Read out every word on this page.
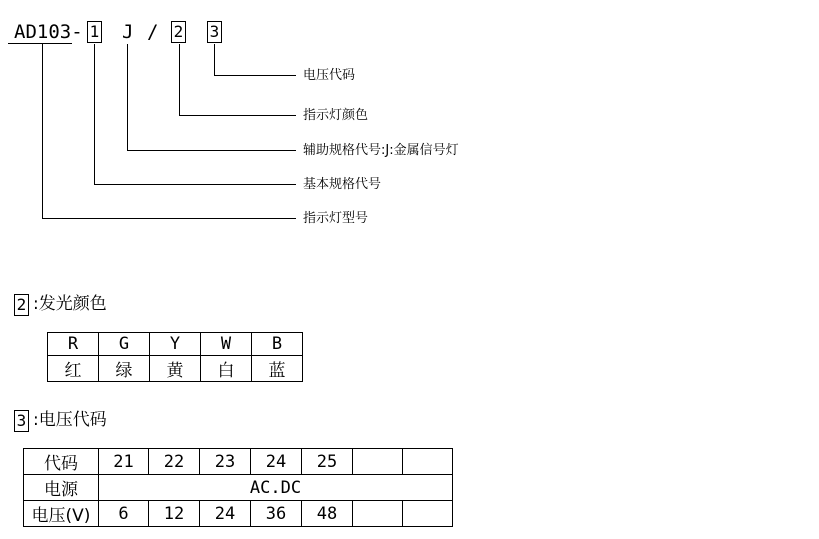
AD103- 1 J / 2 3
电压代码
指示灯颜色
辅助规格代号:J:金属信号灯
基本规格代号
指示灯型号
2 :发光颜色
R	G	Y	W	B
红	绿	黄	白	蓝
3 :电压代码
代码	21	22	23	24	25		
电源	AC.DC						
电压(V)	6	12	24	36	48		
